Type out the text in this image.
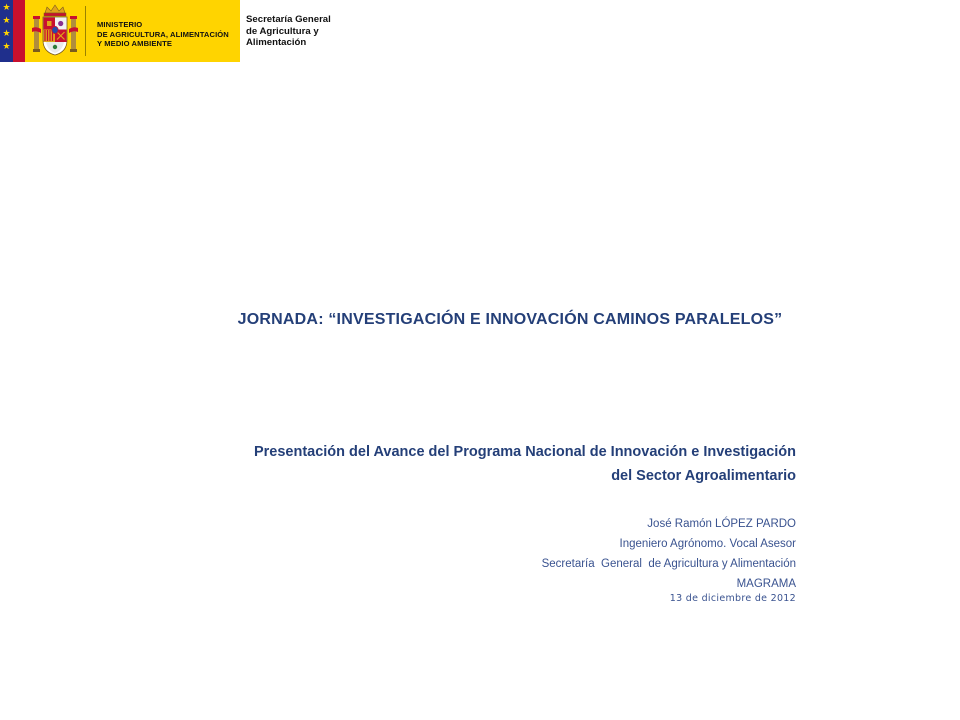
★
★
★
★
MINISTERIO
DE AGRICULTURA, ALIMENTACIÓN
Y MEDIO AMBIENTE
Secretaría General
de Agricultura y
Alimentación
JORNADA: “INVESTIGACIÓN E INNOVACIÓN CAMINOS PARALELOS”
Presentación del Avance del Programa Nacional de Innovación e Investigación
del Sector Agroalimentario
José Ramón LÓPEZ PARDO
Ingeniero Agrónomo. Vocal Asesor
Secretaría  General  de Agricultura y Alimentación
MAGRAMA
13 de diciembre de 2012
